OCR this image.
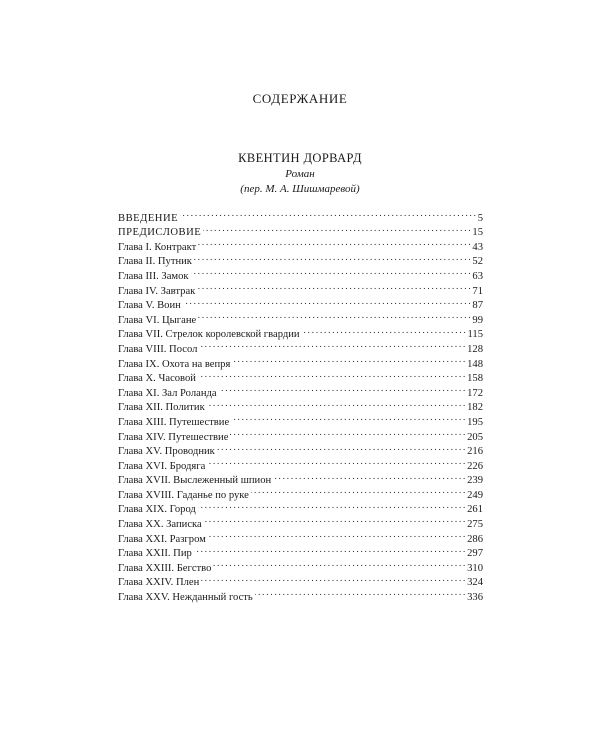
СОДЕРЖАНИЕ
КВЕНТИН ДОРВАРД
Роман
(пер. М. А. Шишмаревой)
ВВЕДЕНИЕ . . .	5
ПРЕДИСЛОВИЕ . . .	15
Глава I. Контракт . . .	43
Глава II. Путник . . .	52
Глава III. Замок . . .	63
Глава IV. Завтрак . . .	71
Глава V. Воин . . .	87
Глава VI. Цыгане . . .	99
Глава VII. Стрелок королевской гвардии . . .	115
Глава VIII. Посол . . .	128
Глава IX. Охота на вепря . . .	148
Глава X. Часовой . . .	158
Глава XI. Зал Роланда . . .	172
Глава XII. Политик . . .	182
Глава XIII. Путешествие . . .	195
Глава XIV. Путешествие . . .	205
Глава XV. Проводник . . .	216
Глава XVI. Бродяга . . .	226
Глава XVII. Выслеженный шпион . . .	239
Глава XVIII. Гаданье по руке . . .	249
Глава XIX. Город . . .	261
Глава XX. Записка . . .	275
Глава XXI. Разгром . . .	286
Глава XXII. Пир . . .	297
Глава XXIII. Бегство . . .	310
Глава XXIV. Плен . . .	324
Глава XXV. Нежданный гость . . .	336
